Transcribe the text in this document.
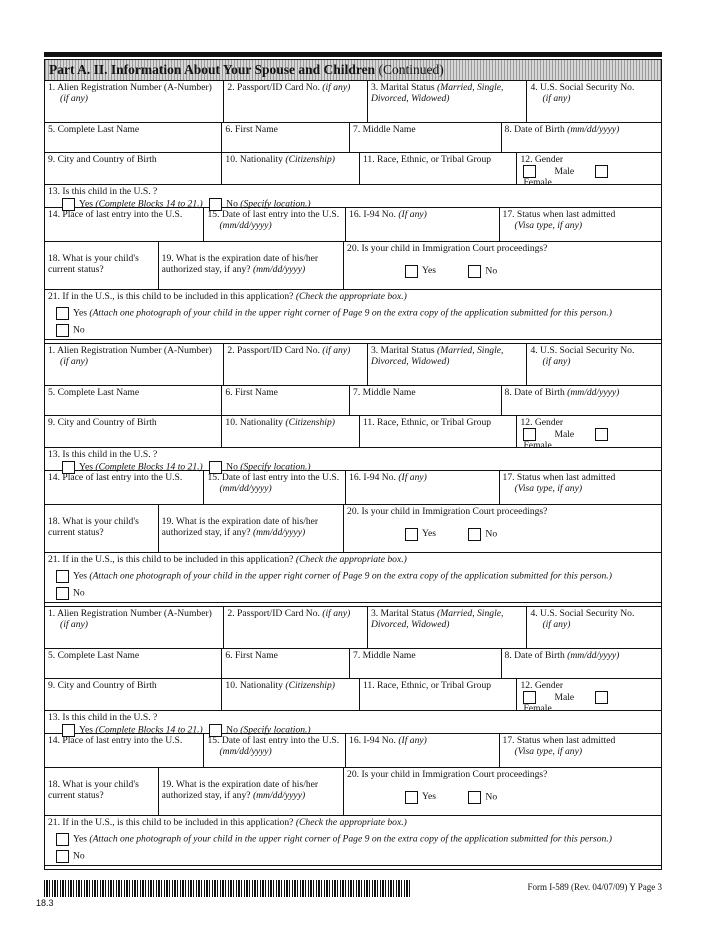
Part A. II. Information About Your Spouse and Children (Continued)
1. Alien Registration Number (A-Number)

(if any)
2. Passport/ID Card No. (if any)	3. Marital Status (Married, Single, Divorced, Widowed)
4. U.S. Social Security No.

(if any)
5. Complete Last Name	6. First Name	7. Middle Name	8. Date of Birth (mm/dd/yyyy)
9. City and Country of Birth	10. Nationality (Citizenship)	11. Race, Ethnic, or Tribal Group	12. Gender
Male Female
13. Is this child in the U.S. ?
Yes (Complete Blocks 14 to 21.) No (Specify location.)
14. Place of last entry into the U.S.	15. Date of last entry into the U.S.

(mm/dd/yyyy)
16. I-94 No. (If any)	17. Status when last admitted

(Visa type, if any)
18. What is your child's current status?
19. What is the expiration date of his/her authorized stay, if any? (mm/dd/yyyy)
20. Is your child in Immigration Court proceedings?
Yes	No
21. If in the U.S., is this child to be included in this application? (Check the appropriate box.)
Yes (Attach one photograph of your child in the upper right corner of Page 9 on the extra copy of the application submitted for this person.)
No
1. Alien Registration Number (A-Number)

(if any)
2. Passport/ID Card No. (if any)	3. Marital Status (Married, Single, Divorced, Widowed)
4. U.S. Social Security No.

(if any)
5. Complete Last Name	6. First Name	7. Middle Name	8. Date of Birth (mm/dd/yyyy)
9. City and Country of Birth	10. Nationality (Citizenship)	11. Race, Ethnic, or Tribal Group	12. Gender
Male Female
13. Is this child in the U.S. ?
Yes (Complete Blocks 14 to 21.) No (Specify location.)
14. Place of last entry into the U.S.	15. Date of last entry into the U.S.

(mm/dd/yyyy)
16. I-94 No. (If any)	17. Status when last admitted

(Visa type, if any)
18. What is your child's current status?
19. What is the expiration date of his/her authorized stay, if any? (mm/dd/yyyy)
20. Is your child in Immigration Court proceedings?
Yes	No
21. If in the U.S., is this child to be included in this application? (Check the appropriate box.)
Yes (Attach one photograph of your child in the upper right corner of Page 9 on the extra copy of the application submitted for this person.)
No
1. Alien Registration Number (A-Number)

(if any)
2. Passport/ID Card No. (if any)	3. Marital Status (Married, Single, Divorced, Widowed)
4. U.S. Social Security No.

(if any)
5. Complete Last Name	6. First Name	7. Middle Name	8. Date of Birth (mm/dd/yyyy)
9. City and Country of Birth	10. Nationality (Citizenship)	11. Race, Ethnic, or Tribal Group	12. Gender
Male Female
13. Is this child in the U.S. ?
Yes (Complete Blocks 14 to 21.) No (Specify location.)
14. Place of last entry into the U.S.	15. Date of last entry into the U.S.

(mm/dd/yyyy)
16. I-94 No. (If any)	17. Status when last admitted

(Visa type, if any)
18. What is your child's current status?
19. What is the expiration date of his/her authorized stay, if any? (mm/dd/yyyy)
20. Is your child in Immigration Court proceedings?
Yes	No
21. If in the U.S., is this child to be included in this application? (Check the appropriate box.)
Yes (Attach one photograph of your child in the upper right corner of Page 9 on the extra copy of the application submitted for this person.)
No
18.3
Form I-589 (Rev. 04/07/09) Y Page 3
